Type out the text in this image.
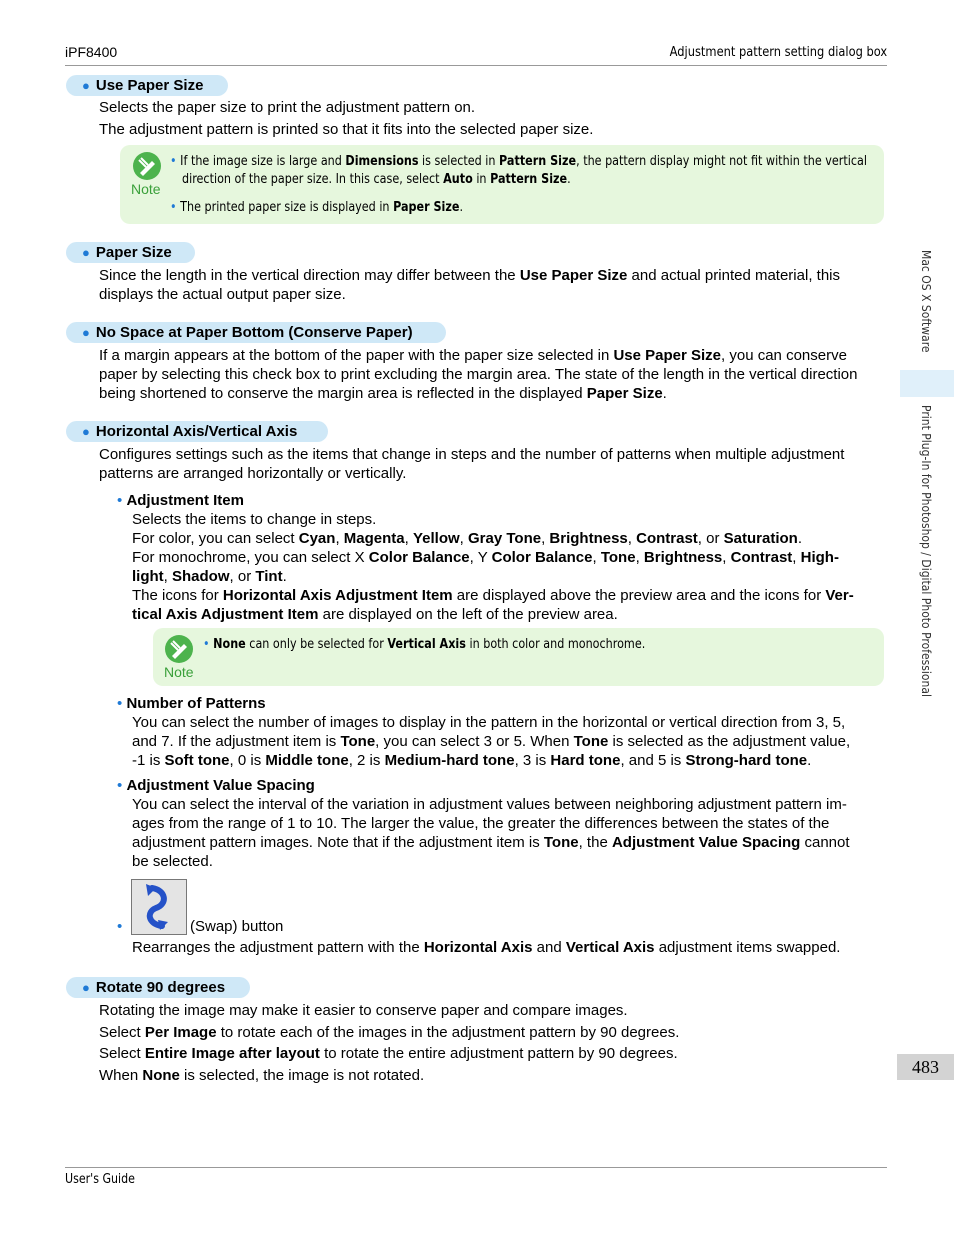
iPF8400	Adjustment pattern setting dialog box
Mac OS X Software
Print Plug-In for Photoshop / Digital Photo Professional
483
● Use Paper Size

Selects the paper size to print the adjustment pattern on.

The adjustment pattern is printed so that it fits into the selected paper size.

Note
• If the image size is large and Dimensions is selected in Pattern Size, the pattern display might not fit within the vertical
direction of the paper size. In this case, select Auto in Pattern Size.
• The printed paper size is displayed in Paper Size.
● Paper Size

Since the length in the vertical direction may differ between the Use Paper Size and actual printed material, this

displays the actual output paper size.

● No Space at Paper Bottom (Conserve Paper)

If a margin appears at the bottom of the paper with the paper size selected in Use Paper Size, you can conserve

paper by selecting this check box to print excluding the margin area. The state of the length in the vertical direction

being shortened to conserve the margin area is reflected in the displayed Paper Size.

● Horizontal Axis/Vertical Axis

Configures settings such as the items that change in steps and the number of patterns when multiple adjustment

patterns are arranged horizontally or vertically.

• Adjustment Item

Selects the items to change in steps.

For color, you can select Cyan, Magenta, Yellow, Gray Tone, Brightness, Contrast, or Saturation.

For monochrome, you can select X Color Balance, Y Color Balance, Tone, Brightness, Contrast, High-

light, Shadow, or Tint.

The icons for Horizontal Axis Adjustment Item are displayed above the preview area and the icons for Ver-

tical Axis Adjustment Item are displayed on the left of the preview area.

Note
• None can only be selected for Vertical Axis in both color and monochrome.

• Number of Patterns

You can select the number of images to display in the pattern in the horizontal or vertical direction from 3, 5,

and 7. If the adjustment item is Tone, you can select 3 or 5. When Tone is selected as the adjustment value,

-1 is Soft tone, 0 is Middle tone, 2 is Medium-hard tone, 3 is Hard tone, and 5 is Strong-hard tone.

• Adjustment Value Spacing

You can select the interval of the variation in adjustment values between neighboring adjustment pattern im-

ages from the range of 1 to 10. The larger the value, the greater the differences between the states of the

adjustment pattern images. Note that if the adjustment item is Tone, the Adjustment Value Spacing cannot

be selected.

•	(Swap) button
Rearranges the adjustment pattern with the Horizontal Axis and Vertical Axis adjustment items swapped.
● Rotate 90 degrees

Rotating the image may make it easier to conserve paper and compare images.

Select Per Image to rotate each of the images in the adjustment pattern by 90 degrees.

Select Entire Image after layout to rotate the entire adjustment pattern by 90 degrees.

When None is selected, the image is not rotated.

User's Guide
